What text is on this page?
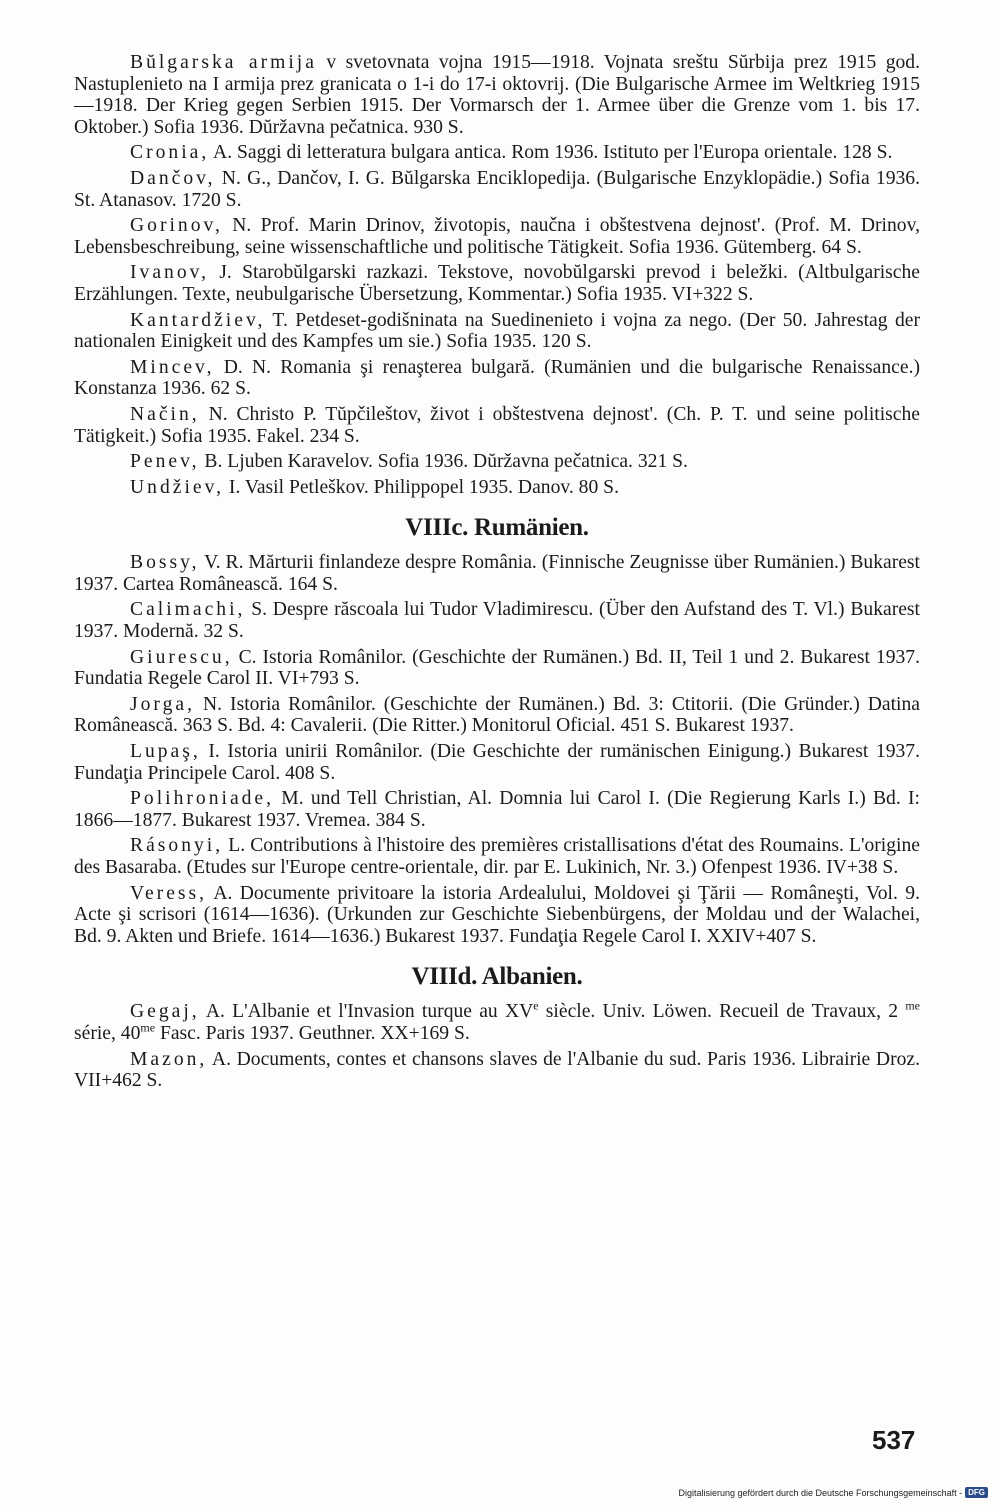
Bŭlgarska armija v svetovnata vojna 1915—1918. Vojnata sreštu Sŭrbija prez 1915 god. Nastuplenieto na I armija prez granicata o 1-i do 17-i oktovrij. (Die Bulgarische Armee im Weltkrieg 1915—1918. Der Krieg gegen Serbien 1915. Der Vormarsch der 1. Armee über die Grenze vom 1. bis 17. Oktober.) Sofia 1936. Dŭržavna pečatnica. 930 S.

Cronia, A. Saggi di letteratura bulgara antica. Rom 1936. Istituto per l'Europa orientale. 128 S.

Dančov, N. G., Dančov, I. G. Bŭlgarska Enciklopedija. (Bulgarische Enzyklopädie.) Sofia 1936. St. Atanasov. 1720 S.

Gorinov, N. Prof. Marin Drinov, životopis, naučna i obštestvena dejnost'. (Prof. M. Drinov, Lebensbeschreibung, seine wissenschaftliche und politische Tätigkeit. Sofia 1936. Gütemberg. 64 S.

Ivanov, J. Starobŭlgarski razkazi. Tekstove, novobŭlgarski prevod i beležki. (Altbulgarische Erzählungen. Texte, neubulgarische Übersetzung, Kommentar.) Sofia 1935. VI+322 S.

Kantardžiev, T. Petdeset-godišninata na Suedinenieto i vojna za nego. (Der 50. Jahrestag der nationalen Einigkeit und des Kampfes um sie.) Sofia 1935. 120 S.

Mincev, D. N. Romania şi renaşterea bulgară. (Rumänien und die bulgarische Renaissance.) Konstanza 1936. 62 S.

Način, N. Christo P. Tŭpčileštov, život i obštestvena dejnost'. (Ch. P. T. und seine politische Tätigkeit.) Sofia 1935. Fakel. 234 S.

Penev, B. Ljuben Karavelov. Sofia 1936. Dŭržavna pečatnica. 321 S.

Undžiev, I. Vasil Petleškov. Philippopel 1935. Danov. 80 S.

VIIIc. Rumänien.

Bossy, V. R. Mărturii finlandeze despre România. (Finnische Zeugnisse über Rumänien.) Bukarest 1937. Cartea Românească. 164 S.

Calimachi, S. Despre răscoala lui Tudor Vladimirescu. (Über den Aufstand des T. Vl.) Bukarest 1937. Modernă. 32 S.

Giurescu, C. Istoria Românilor. (Geschichte der Rumänen.) Bd. II, Teil 1 und 2. Bukarest 1937. Fundatia Regele Carol II. VI+793 S.

Jorga, N. Istoria Românilor. (Geschichte der Rumänen.) Bd. 3: Ctitorii. (Die Gründer.) Datina Românească. 363 S. Bd. 4: Cavalerii. (Die Ritter.) Monitorul Oficial. 451 S. Bukarest 1937.

Lupaş, I. Istoria unirii Românilor. (Die Geschichte der rumänischen Einigung.) Bukarest 1937. Fundaţia Principele Carol. 408 S.

Polihroniade, M. und Tell Christian, Al. Domnia lui Carol I. (Die Regierung Karls I.) Bd. I: 1866—1877. Bukarest 1937. Vremea. 384 S.

Rásonyi, L. Contributions à l'histoire des premières cristallisations d'état des Roumains. L'origine des Basaraba. (Etudes sur l'Europe centre-orientale, dir. par E. Lukinich, Nr. 3.) Ofenpest 1936. IV+38 S.

Veress, A. Documente privitoare la istoria Ardealului, Moldovei şi Ţării — Româneşti, Vol. 9. Acte şi scrisori (1614—1636). (Urkunden zur Geschichte Siebenbürgens, der Moldau und der Walachei, Bd. 9. Akten und Briefe. 1614—1636.) Bukarest 1937. Fundaţia Regele Carol I. XXIV+407 S.

VIIId. Albanien.

Gegaj, A. L'Albanie et l'Invasion turque au XVe siècle. Univ. Löwen. Recueil de Travaux, 2 $^{me}$ série, $40^{me}$ Fasc. Paris 1937. Geuthner. XX+169 S.

Mazon, A. Documents, contes et chansons slaves de l'Albanie du sud. Paris 1936. Librairie Droz. VII+462 S.

537
Digitalisierung gefördert durch die Deutsche Forschungsgemeinschaft - DFG
